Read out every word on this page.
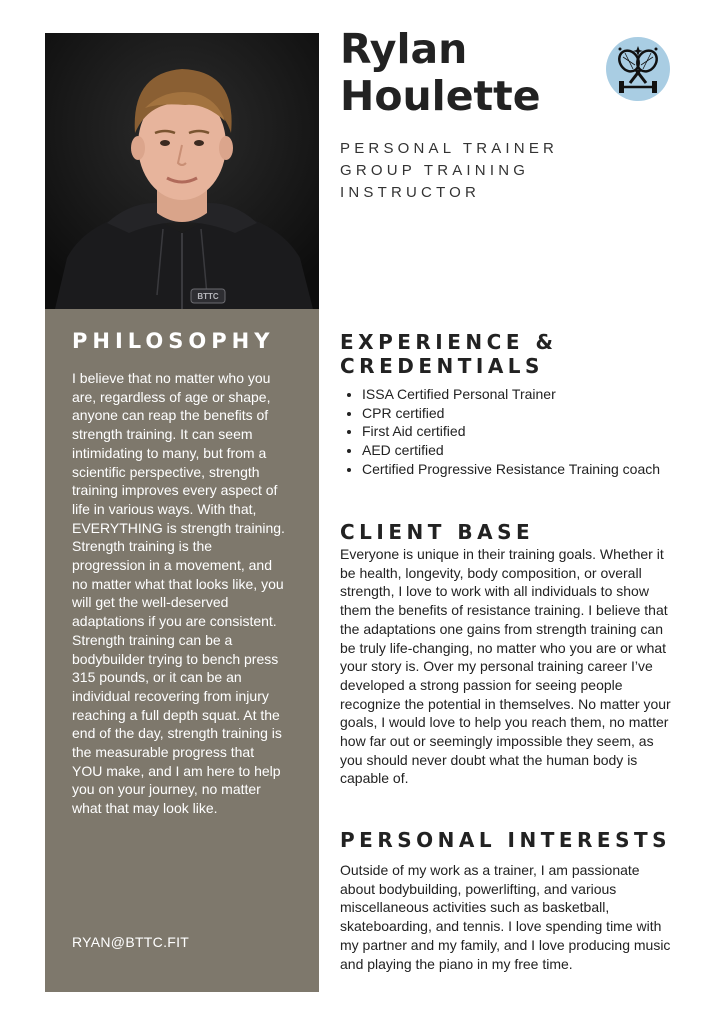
BTTC
PHILOSOPHY

I believe that no matter who you are, regardless of age or shape, anyone can reap the benefits of strength training. It can seem intimidating to many, but from a scientific perspective, strength training improves every aspect of life in various ways. With that, EVERYTHING is strength training. Strength training is the progression in a movement, and no matter what that looks like, you will get the well-deserved adaptations if you are consistent. Strength training can be a bodybuilder trying to bench press 315 pounds, or it can be an individual recovering from injury reaching a full depth squat. At the end of the day, strength training is the measurable progress that YOU make, and I am here to help you on your journey, no matter what that may look like.

RYAN@BTTC.FIT
Rylan
Houlette
PERSONAL TRAINER
GROUP TRAINING
INSTRUCTOR
EXPERIENCE &
CREDENTIALS
• ISSA Certified Personal Trainer
• CPR certified
• First Aid certified
• AED certified
• Certified Progressive Resistance Training coach
CLIENT BASE

Everyone is unique in their training goals. Whether it be health, longevity, body composition, or overall strength, I love to work with all individuals to show them the benefits of resistance training. I believe that the adaptations one gains from strength training can be truly life-changing, no matter who you are or what your story is. Over my personal training career I’ve developed a strong passion for seeing people recognize the potential in themselves. No matter your goals, I would love to help you reach them, no matter how far out or seemingly impossible they seem, as you should never doubt what the human body is capable of.

PERSONAL INTERESTS

Outside of my work as a trainer, I am passionate about bodybuilding, powerlifting, and various miscellaneous activities such as basketball, skateboarding, and tennis. I love spending time with my partner and my family, and I love producing music and playing the piano in my free time.
